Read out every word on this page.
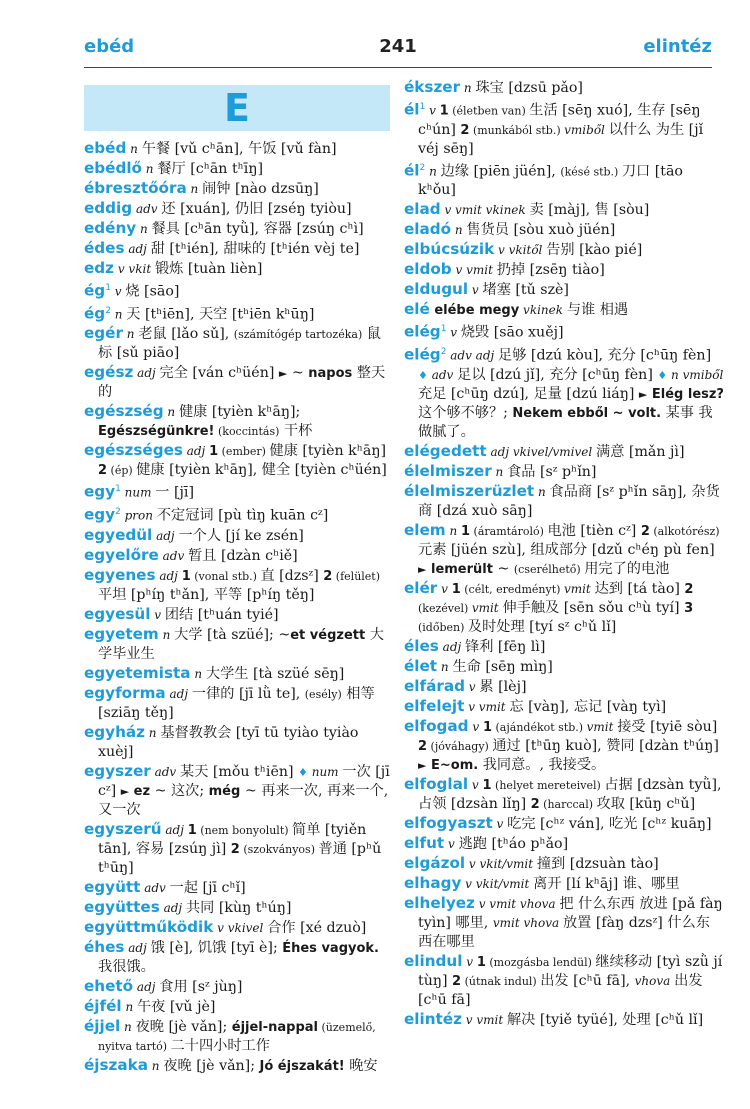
ebéd	241	elintéz
E

ebéd n 午餐 [vǔ cʰān], 午饭 [vǔ fàn]

ebédlő n 餐厅 [cʰān tʰīŋ]

ébresztőóra n 闹钟 [nào dzsūŋ]

eddig adv 还 [xuán], 仍旧 [zséŋ tyiòu]

edény n 餐具 [cʰān tyǜ], 容器 [zsúŋ cʰì]

édes adj 甜 [tʰién], 甜味的 [tʰién vèj te]

edz v vkit 锻炼 [tuàn lièn]

$ég^1$ v 烧 [sāo]

$ég^2$ n 天 [tʰiēn], 天空 [tʰiēn kʰūŋ]

egér n 老鼠 [lǎo sǔ], (számítógép tartozéka) 鼠标 [sǔ piāo]

egész adj 完全 [ván cʰüén] ► ~ napos 整天的

egészség n 健康 [tyièn kʰāŋ]; Egészségünkre! (koccintás) 干杯

egészséges adj 1 (ember) 健康 [tyièn kʰāŋ] 2 (ép) 健康 [tyièn kʰāŋ], 健全 [tyièn cʰüén]

egy$^1$ num 一 [jī]

egy$^2$ pron 不定冠词 [pù tìŋ kuān cᶻ]

egyedül adj 一个人 [jí ke zsén]

egyelőre adv 暂且 [dzàn cʰiě]

egyenes adj 1 (vonal stb.) 直 [dzsᶻ] 2 (felület) 平坦 [pʰíŋ tʰǎn], 平等 [pʰíŋ těŋ]

egyesül v 团结 [tʰuán tyié]

egyetem n 大学 [tà szüé]; ~et végzett 大学毕业生

egyetemista n 大学生 [tà szüé sēŋ]

egyforma adj 一律的 [jī lǜ te], (esély) 相等 [sziāŋ těŋ]

egyház n 基督教教会 [tyī tū tyiào tyiào xuèj]

egyszer adv 某天 [mǒu tʰiēn] ♦ num 一次 [jī cᶻ] ► ez ~ 这次; még ~ 再来一次, 再来一个, 又一次

egyszerű adj 1 (nem bonyolult) 简单 [tyiěn tān], 容易 [zsúŋ jì] 2 (szokványos) 普通 [pʰǔ tʰūŋ]

együtt adv 一起 [jī cʰǐ]

együttes adj 共同 [kùŋ tʰúŋ]

együttműködik v vkivel 合作 [xé dzuò]

éhes adj 饿 [è], 饥饿 [tyī è]; Éhes vagyok. 我很饿。

ehető adj 食用 [sᶻ jùŋ]

éjfél n 午夜 [vǔ jè]

éjjel n 夜晚 [jè vǎn]; éjjel-nappal (üzemelő, nyitva tartó) 二十四小时工作

éjszaka n 夜晚 [jè vǎn]; Jó éjszakát! 晚安

ékszer n 珠宝 [dzsū pǎo]

$él^1$ v 1 (életben van) 生活 [sēŋ xuó], 生存 [sēŋ cʰún] 2 (munkából stb.) vmiből 以什么 为生 [jǐ véj sēŋ]

$él^2$ n 边缘 [piēn jüén], (késé stb.) 刀口 [tāo kʰǒu]

elad v vmit vkinek 卖 [màj], 售 [sòu]

eladó n 售货员 [sòu xuò jüén]

elbúcsúzik v vkitől 告别 [kào pié]

eldob v vmit 扔掉 [zsēŋ tiào]

eldugul v 堵塞 [tǔ szè]

elé elébe megy vkinek 与谁 相遇

elég$^1$ v 烧毁 [sāo xuěj]

elég$^2$ adv adj 足够 [dzú kòu], 充分 [cʰūŋ fèn] ♦ adv 足以 [dzú jǐ], 充分 [cʰūŋ fèn] ♦ n vmiből 充足 [cʰūŋ dzú], 足量 [dzú liáŋ] ► Elég lesz? 这个够不够？; Nekem ebből ~ volt. 某事 我做腻了。

elégedett adj vkivel/vmivel 满意 [mǎn jì]

élelmiszer n 食品 [sᶻ pʰǐn]

élelmiszerüzlet n 食品商 [sᶻ pʰǐn sāŋ], 杂货商 [dzá xuò sāŋ]

elem n 1 (áramtároló) 电池 [tièn cᶻ] 2 (alkotórész) 元素 [jüén szù], 组成部分 [dzǔ cʰéŋ pù fen] ► lemerült ~ (cserélhető) 用完了的电池

elér v 1 (célt, eredményt) vmit 达到 [tá tào] 2 (kezével) vmit 伸手触及 [sēn sǒu cʰù tyí] 3 (időben) 及时处理 [tyí sᶻ cʰǔ lǐ]

éles adj 锋利 [fēŋ lì]

élet n 生命 [sēŋ mìŋ]

elfárad v 累 [lèj]

elfelejt v vmit 忘 [vàŋ], 忘记 [vàŋ tyì]

elfogad v 1 (ajándékot stb.) vmit 接受 [tyiē sòu] 2 (jóváhagy) 通过 [tʰūŋ kuò], 赞同 [dzàn tʰúŋ] ► E~om. 我同意。, 我接受。

elfoglal v 1 (helyet mereteivel) 占据 [dzsàn tyǜ], 占领 [dzsàn lǐŋ] 2 (harccal) 攻取 [kūŋ cʰǔ]

elfogyaszt v 吃完 [cʰᶻ ván], 吃光 [cʰᶻ kuāŋ]

elfut v 逃跑 [tʰáo pʰǎo]

elgázol v vkit/vmit 撞到 [dzsuàn tào]

elhagy v vkit/vmit 离开 [lí kʰāj] 谁、哪里

elhelyez v vmit vhova 把 什么东西 放进 [pǎ fàŋ tyìn] 哪里, vmit vhova 放置 [fàŋ dzsᶻ] 什么东西在哪里

elindul v 1 (mozgásba lendül) 继续移动 [tyì szǜ jí tùŋ] 2 (útnak indul) 出发 [cʰū fā], vhova 出发 [cʰū fā]

elintéz v vmit 解决 [tyiě tyüé], 处理 [cʰǔ lǐ]
